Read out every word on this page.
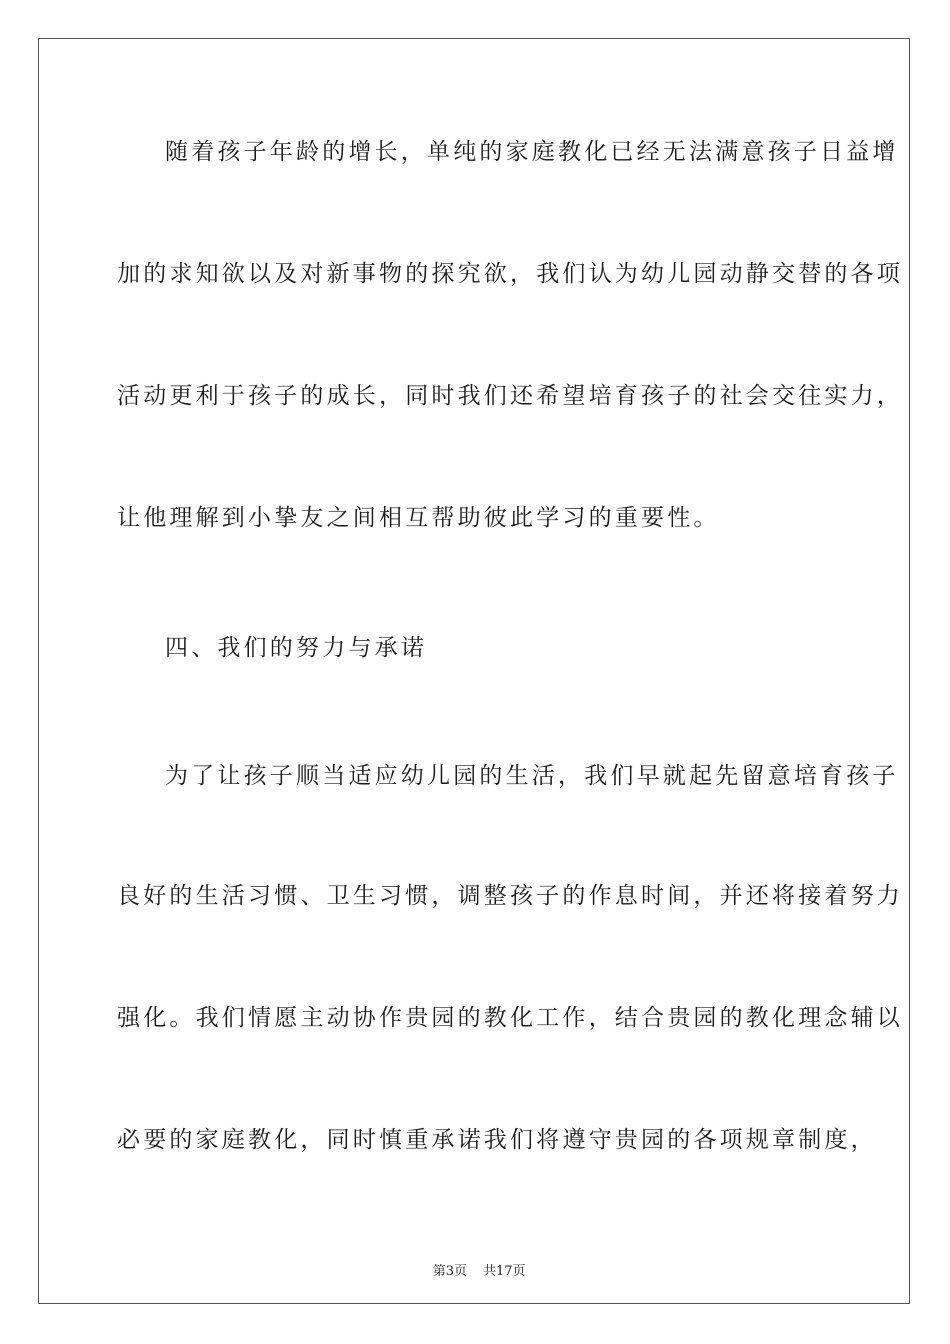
随着孩子年龄的增长，单纯的家庭教化已经无法满意孩子日益增
加的求知欲以及对新事物的探究欲，我们认为幼儿园动静交替的各项
活动更利于孩子的成长，同时我们还希望培育孩子的社会交往实力，
让他理解到小挚友之间相互帮助彼此学习的重要性。
四、我们的努力与承诺
为了让孩子顺当适应幼儿园的生活，我们早就起先留意培育孩子
良好的生活习惯、卫生习惯，调整孩子的作息时间，并还将接着努力
强化。我们情愿主动协作贵园的教化工作，结合贵园的教化理念辅以
必要的家庭教化，同时慎重承诺我们将遵守贵园的各项规章制度，

第3页 共17页
